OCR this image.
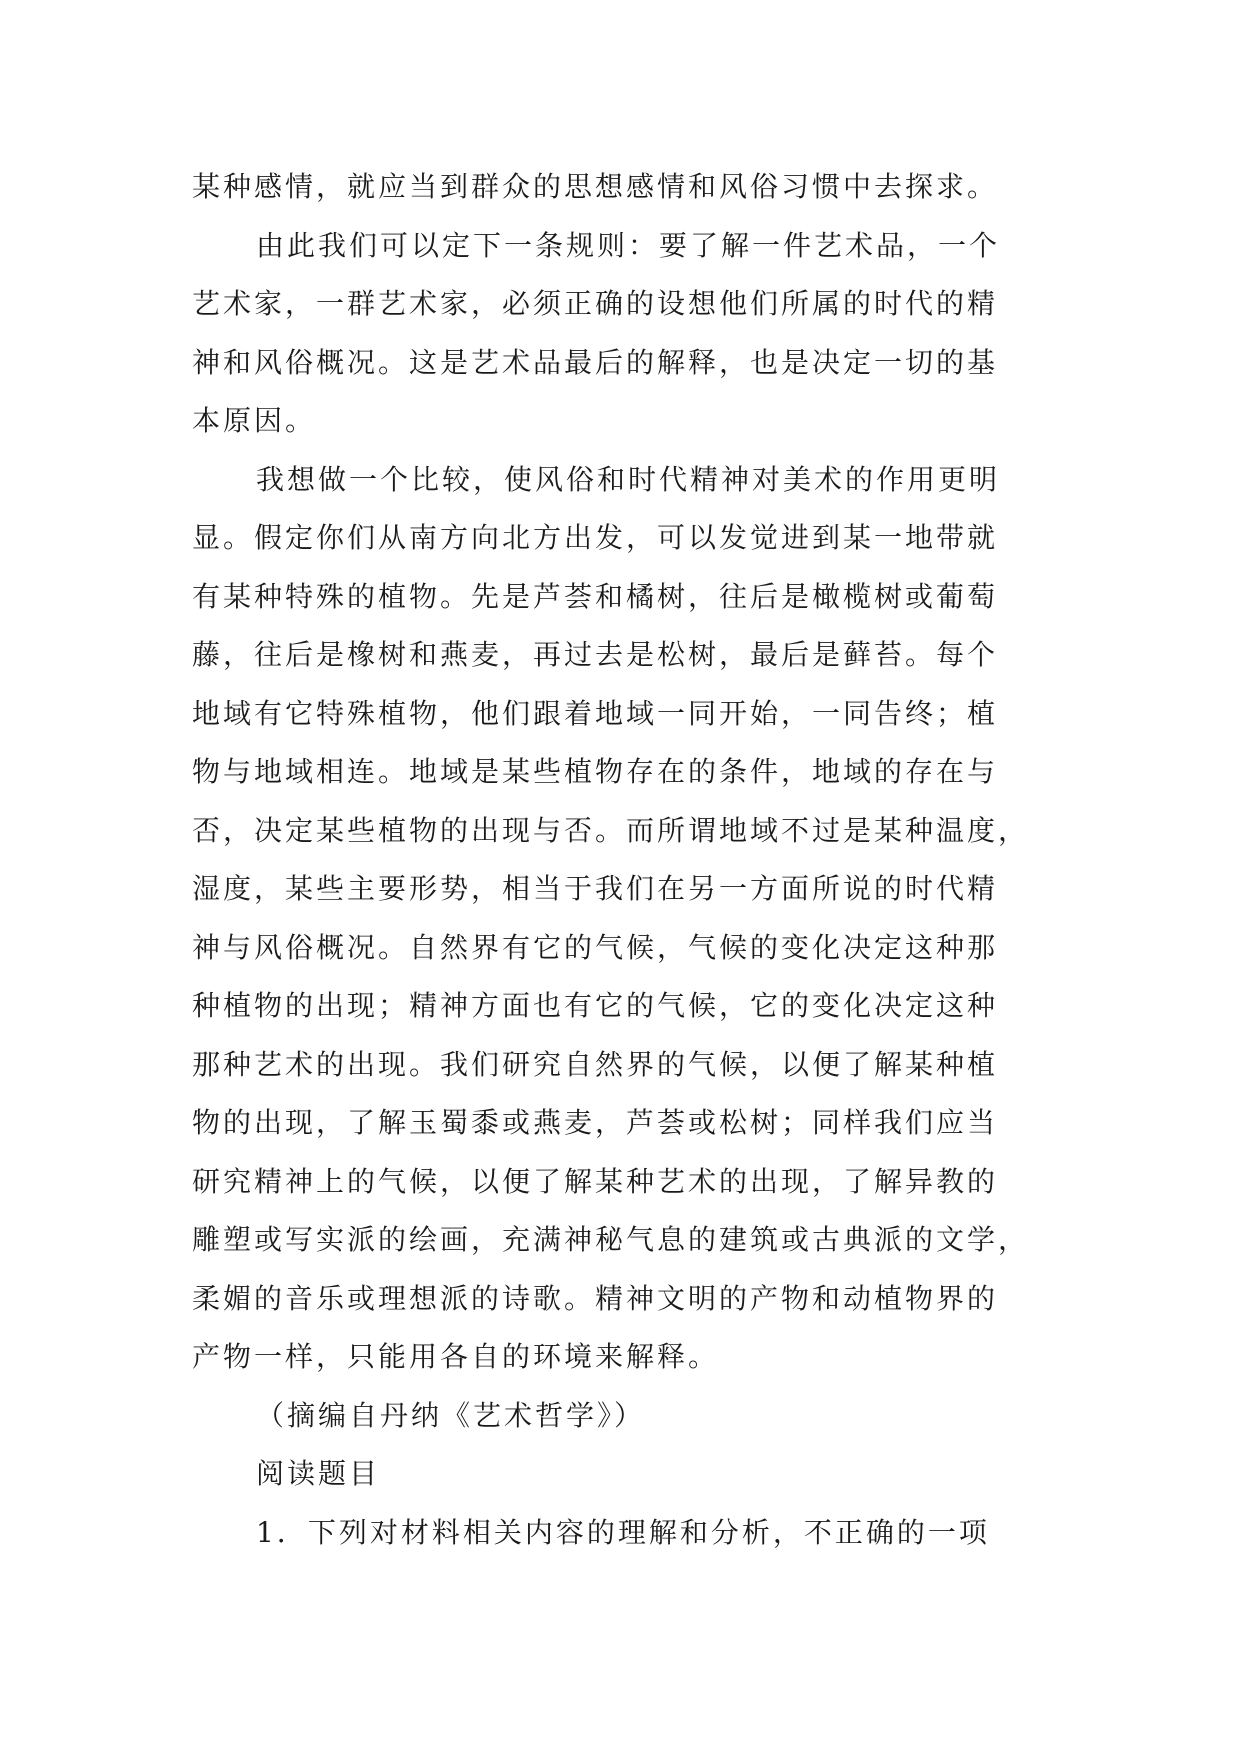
某种感情，就应当到群众的思想感情和风俗习惯中去探求。
由此我们可以定下一条规则：要了解一件艺术品，一个
艺术家，一群艺术家，必须正确的设想他们所属的时代的精
神和风俗概况。这是艺术品最后的解释，也是决定一切的基
本原因。
我想做一个比较，使风俗和时代精神对美术的作用更明
显。假定你们从南方向北方出发，可以发觉进到某一地带就
有某种特殊的植物。先是芦荟和橘树，往后是橄榄树或葡萄
藤，往后是橡树和燕麦，再过去是松树，最后是藓苔。每个
地域有它特殊植物，他们跟着地域一同开始，一同告终；植
物与地域相连。地域是某些植物存在的条件，地域的存在与
否，决定某些植物的出现与否。而所谓地域不过是某种温度，
湿度，某些主要形势，相当于我们在另一方面所说的时代精
神与风俗概况。自然界有它的气候，气候的变化决定这种那
种植物的出现；精神方面也有它的气候，它的变化决定这种
那种艺术的出现。我们研究自然界的气候，以便了解某种植
物的出现，了解玉蜀黍或燕麦，芦荟或松树；同样我们应当
研究精神上的气候，以便了解某种艺术的出现，了解异教的
雕塑或写实派的绘画，充满神秘气息的建筑或古典派的文学，
柔媚的音乐或理想派的诗歌。精神文明的产物和动植物界的
产物一样，只能用各自的环境来解释。
（摘编自丹纳《艺术哲学》）
阅读题目
1．下列对材料相关内容的理解和分析，不正确的一项
